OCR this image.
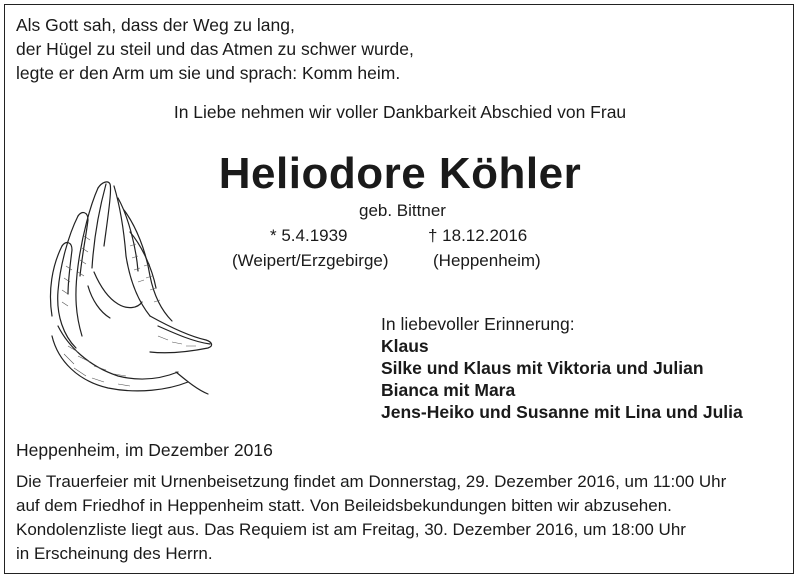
Als Gott sah, dass der Weg zu lang,
der Hügel zu steil und das Atmen zu schwer wurde,
legte er den Arm um sie und sprach: Komm heim.
In Liebe nehmen wir voller Dankbarkeit Abschied von Frau
Heliodore Köhler
geb. Bittner
* 5.4.1939	† 18.12.2016
(Weipert/Erzgebirge)	(Heppenheim)
In liebevoller Erinnerung:
Klaus
Silke und Klaus mit Viktoria und Julian
Bianca mit Mara
Jens-Heiko und Susanne mit Lina und Julia
Heppenheim, im Dezember 2016
Die Trauerfeier mit Urnenbeisetzung findet am Donnerstag, 29. Dezember 2016, um 11:00 Uhr
auf dem Friedhof in Heppenheim statt. Von Beileidsbekundungen bitten wir abzusehen.
Kondolenzliste liegt aus. Das Requiem ist am Freitag, 30. Dezember 2016, um 18:00 Uhr
in Erscheinung des Herrn.
